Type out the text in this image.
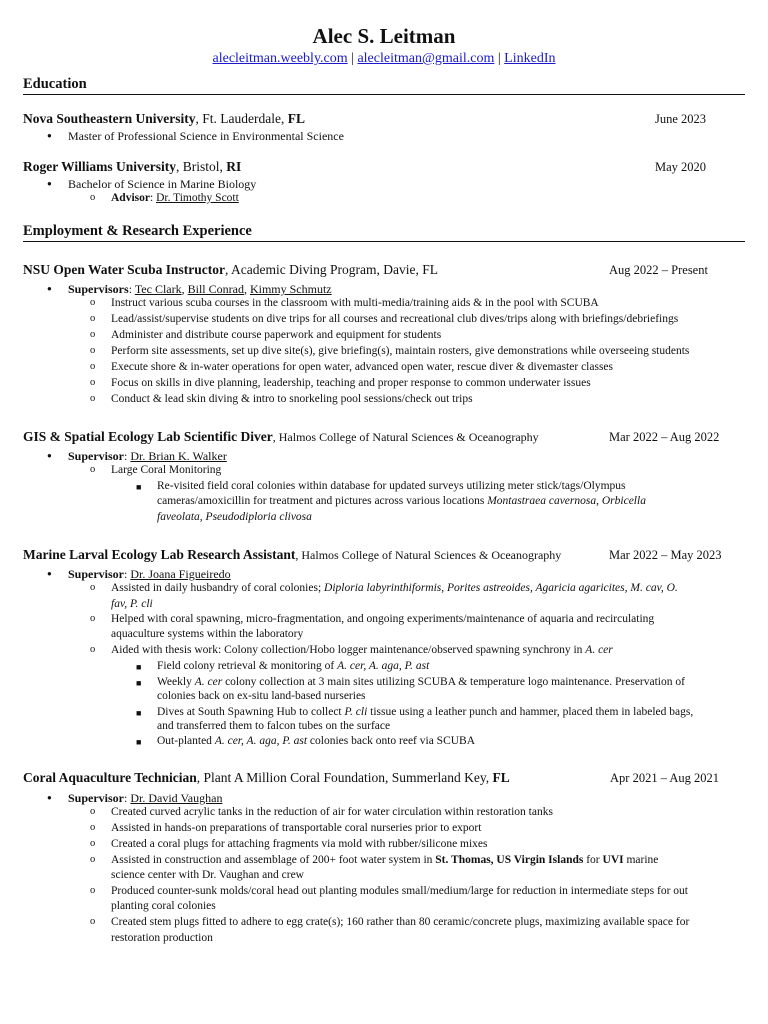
Alec S. Leitman
alecleitman.weebly.com | alecleitman@gmail.com | LinkedIn
Education
Nova Southeastern University, Ft. Lauderdale, FL	June 2023
● Master of Professional Science in Environmental Science
Roger Williams University, Bristol, RI	May 2020
● Bachelor of Science in Marine Biology
o Advisor: Dr. Timothy Scott
Employment & Research Experience
NSU Open Water Scuba Instructor, Academic Diving Program, Davie, FL	Aug 2022 – Present
● Supervisors: Tec Clark, Bill Conrad, Kimmy Schmutz
o Instruct various scuba courses in the classroom with multi-media/training aids & in the pool with SCUBA
o Lead/assist/supervise students on dive trips for all courses and recreational club dives/trips along with briefings/debriefings
o Administer and distribute course paperwork and equipment for students
o Perform site assessments, set up dive site(s), give briefing(s), maintain rosters, give demonstrations while overseeing students
o Execute shore & in-water operations for open water, advanced open water, rescue diver & divemaster classes
o Focus on skills in dive planning, leadership, teaching and proper response to common underwater issues
o Conduct & lead skin diving & intro to snorkeling pool sessions/check out trips
GIS & Spatial Ecology Lab Scientific Diver, Halmos College of Natural Sciences & Oceanography	Mar 2022 – Aug 2022
● Supervisor: Dr. Brian K. Walker
o Large Coral Monitoring
■ Re-visited field coral colonies within database for updated surveys utilizing meter stick/tags/Olympus
cameras/amoxicillin for treatment and pictures across various locations Montastraea cavernosa, Orbicella
faveolata, Pseudodiploria clivosa
Marine Larval Ecology Lab Research Assistant, Halmos College of Natural Sciences & Oceanography	Mar 2022 – May 2023
● Supervisor: Dr. Joana Figueiredo
o Assisted in daily husbandry of coral colonies; Diploria labyrinthiformis, Porites astreoides, Agaricia agaricites, M. cav, O.
fav, P. cli
o Helped with coral spawning, micro-fragmentation, and ongoing experiments/maintenance of aquaria and recirculating
aquaculture systems within the laboratory
o Aided with thesis work: Colony collection/Hobo logger maintenance/observed spawning synchrony in A. cer
■ Field colony retrieval & monitoring of A. cer, A. aga, P. ast
■ Weekly A. cer colony collection at 3 main sites utilizing SCUBA & temperature logo maintenance. Preservation of
colonies back on ex-situ land-based nurseries
■ Dives at South Spawning Hub to collect P. cli tissue using a leather punch and hammer, placed them in labeled bags,
and transferred them to falcon tubes on the surface
■ Out-planted A. cer, A. aga, P. ast colonies back onto reef via SCUBA
Coral Aquaculture Technician, Plant A Million Coral Foundation, Summerland Key, FL	Apr 2021 – Aug 2021
● Supervisor: Dr. David Vaughan
o Created curved acrylic tanks in the reduction of air for water circulation within restoration tanks
o Assisted in hands-on preparations of transportable coral nurseries prior to export
o Created a coral plugs for attaching fragments via mold with rubber/silicone mixes
o Assisted in construction and assemblage of 200+ foot water system in St. Thomas, US Virgin Islands for UVI marine
science center with Dr. Vaughan and crew
o Produced counter-sunk molds/coral head out planting modules small/medium/large for reduction in intermediate steps for out
planting coral colonies
o Created stem plugs fitted to adhere to egg crate(s); 160 rather than 80 ceramic/concrete plugs, maximizing available space for
restoration production
